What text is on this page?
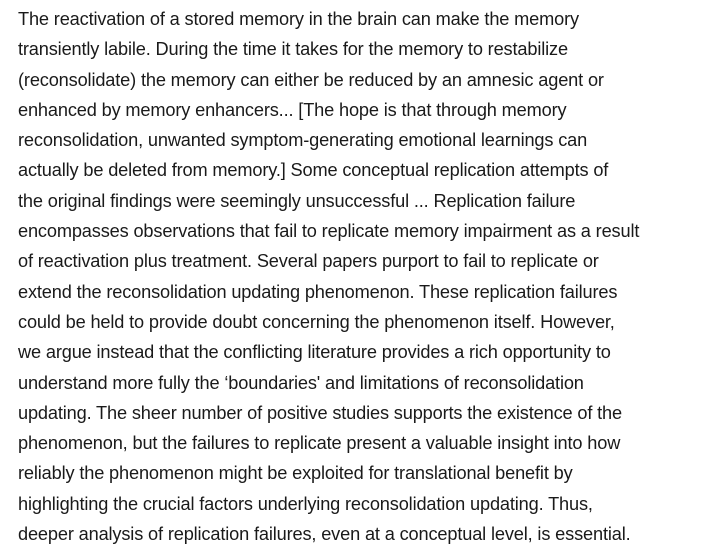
The reactivation of a stored memory in the brain can make the memory
transiently labile. During the time it takes for the memory to restabilize
(reconsolidate) the memory can either be reduced by an amnesic agent or
enhanced by memory enhancers... [The hope is that through memory
reconsolidation, unwanted symptom-generating emotional learnings can
actually be deleted from memory.] Some conceptual replication attempts of
the original findings were seemingly unsuccessful ... Replication failure
encompasses observations that fail to replicate memory impairment as a result
of reactivation plus treatment. Several papers purport to fail to replicate or
extend the reconsolidation updating phenomenon. These replication failures
could be held to provide doubt concerning the phenomenon itself. However,
we argue instead that the conflicting literature provides a rich opportunity to
understand more fully the ‘boundaries' and limitations of reconsolidation
updating. The sheer number of positive studies supports the existence of the
phenomenon, but the failures to replicate present a valuable insight into how
reliably the phenomenon might be exploited for translational benefit by
highlighting the crucial factors underlying reconsolidation updating. Thus,
deeper analysis of replication failures, even at a conceptual level, is essential.
